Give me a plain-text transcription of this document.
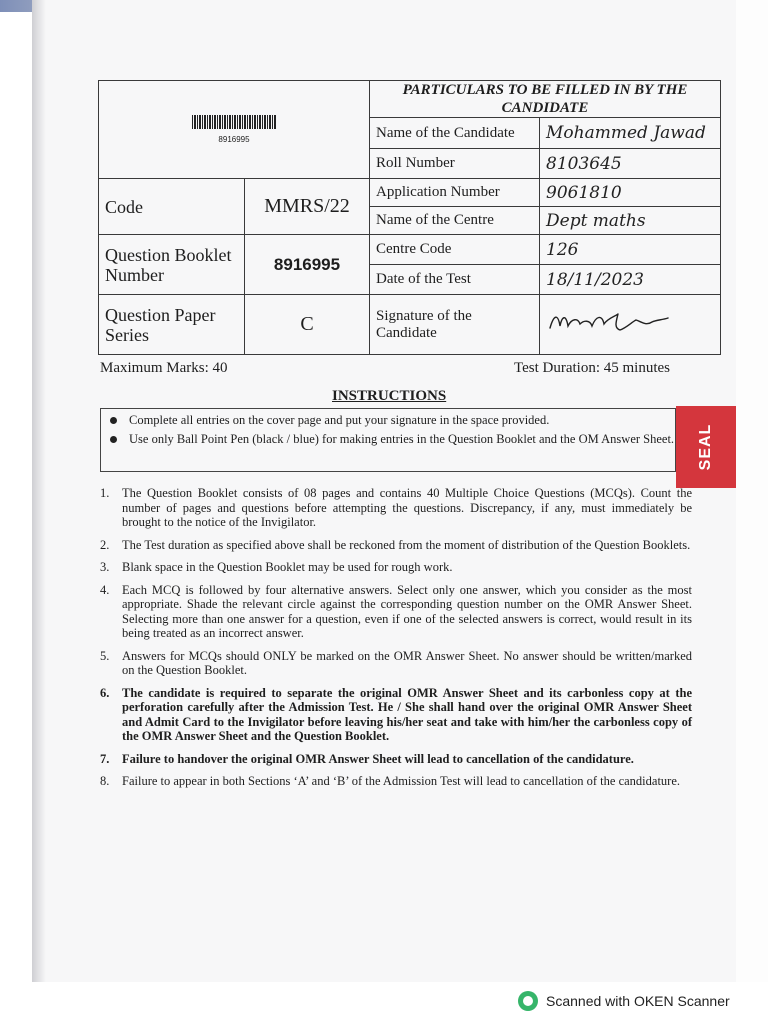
8916995		PARTICULARS TO BE FILLED IN BY THE CANDIDATE	
		Name of the Candidate	Mohammed Jawad
		Roll Number	8103645
Code	MMRS/22	Application Number	9061810
		Name of the Centre	Dept maths
Question Booklet Number	8916995	Centre Code	126
		Date of the Test	18/11/2023
Question Paper Series	C	Signature of the Candidate	
Maximum Marks: 40	Test Duration: 45 minutes
INSTRUCTIONS
Complete all entries on the cover page and put your signature in the space provided.
Use only Ball Point Pen (black / blue) for making entries in the Question Booklet and the OM Answer Sheet. SEAL
1. The Question Booklet consists of 08 pages and contains 40 Multiple Choice Questions (MCQs). Count the number of pages and questions before attempting the questions. Discrepancy, if any, must immediately be brought to the notice of the Invigilator.
2. The Test duration as specified above shall be reckoned from the moment of distribution of the Question Booklets.
3. Blank space in the Question Booklet may be used for rough work.
4. Each MCQ is followed by four alternative answers. Select only one answer, which you consider as the most appropriate. Shade the relevant circle against the corresponding question number on the OMR Answer Sheet. Selecting more than one answer for a question, even if one of the selected answers is correct, would result in its being treated as an incorrect answer.
5. Answers for MCQs should ONLY be marked on the OMR Answer Sheet. No answer should be written/marked on the Question Booklet.
6. The candidate is required to separate the original OMR Answer Sheet and its carbonless copy at the perforation carefully after the Admission Test. He / She shall hand over the original OMR Answer Sheet and Admit Card to the Invigilator before leaving his/her seat and take with him/her the carbonless copy of the OMR Answer Sheet and the Question Booklet.
7. Failure to handover the original OMR Answer Sheet will lead to cancellation of the candidature.
8. Failure to appear in both Sections ‘A’ and ‘B’ of the Admission Test will lead to cancellation of the candidature.
Scanned with OKEN Scanner
